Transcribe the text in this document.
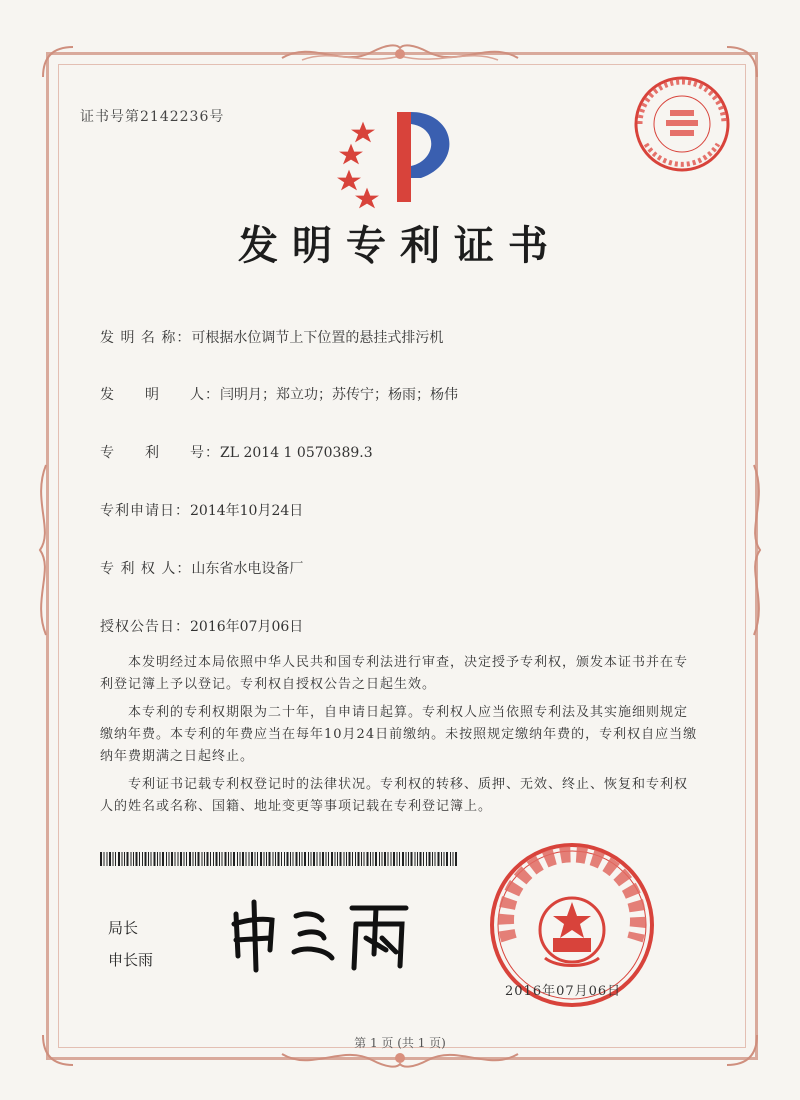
证书号第2142236号
发明专利证书
发 明 名 称：可根据水位调节上下位置的悬挂式排污机
发　　明　　人：闫明月；郑立功；苏传宁；杨雨；杨伟
专　　利　　号：ZL 2014 1 0570389.3
专利申请日：2014年10月24日
专 利 权 人：山东省水电设备厂
授权公告日：2016年07月06日

本发明经过本局依照中华人民共和国专利法进行审查，决定授予专利权，颁发本证书并在专利登记簿上予以登记。专利权自授权公告之日起生效。

本专利的专利权期限为二十年，自申请日起算。专利权人应当依照专利法及其实施细则规定缴纳年费。本专利的年费应当在每年10月24日前缴纳。未按照规定缴纳年费的，专利权自应当缴纳年费期满之日起终止。

专利证书记载专利权登记时的法律状况。专利权的转移、质押、无效、终止、恢复和专利权人的姓名或名称、国籍、地址变更等事项记载在专利登记簿上。

局长
申长雨
2016年07月06日
第 1 页 (共 1 页)
